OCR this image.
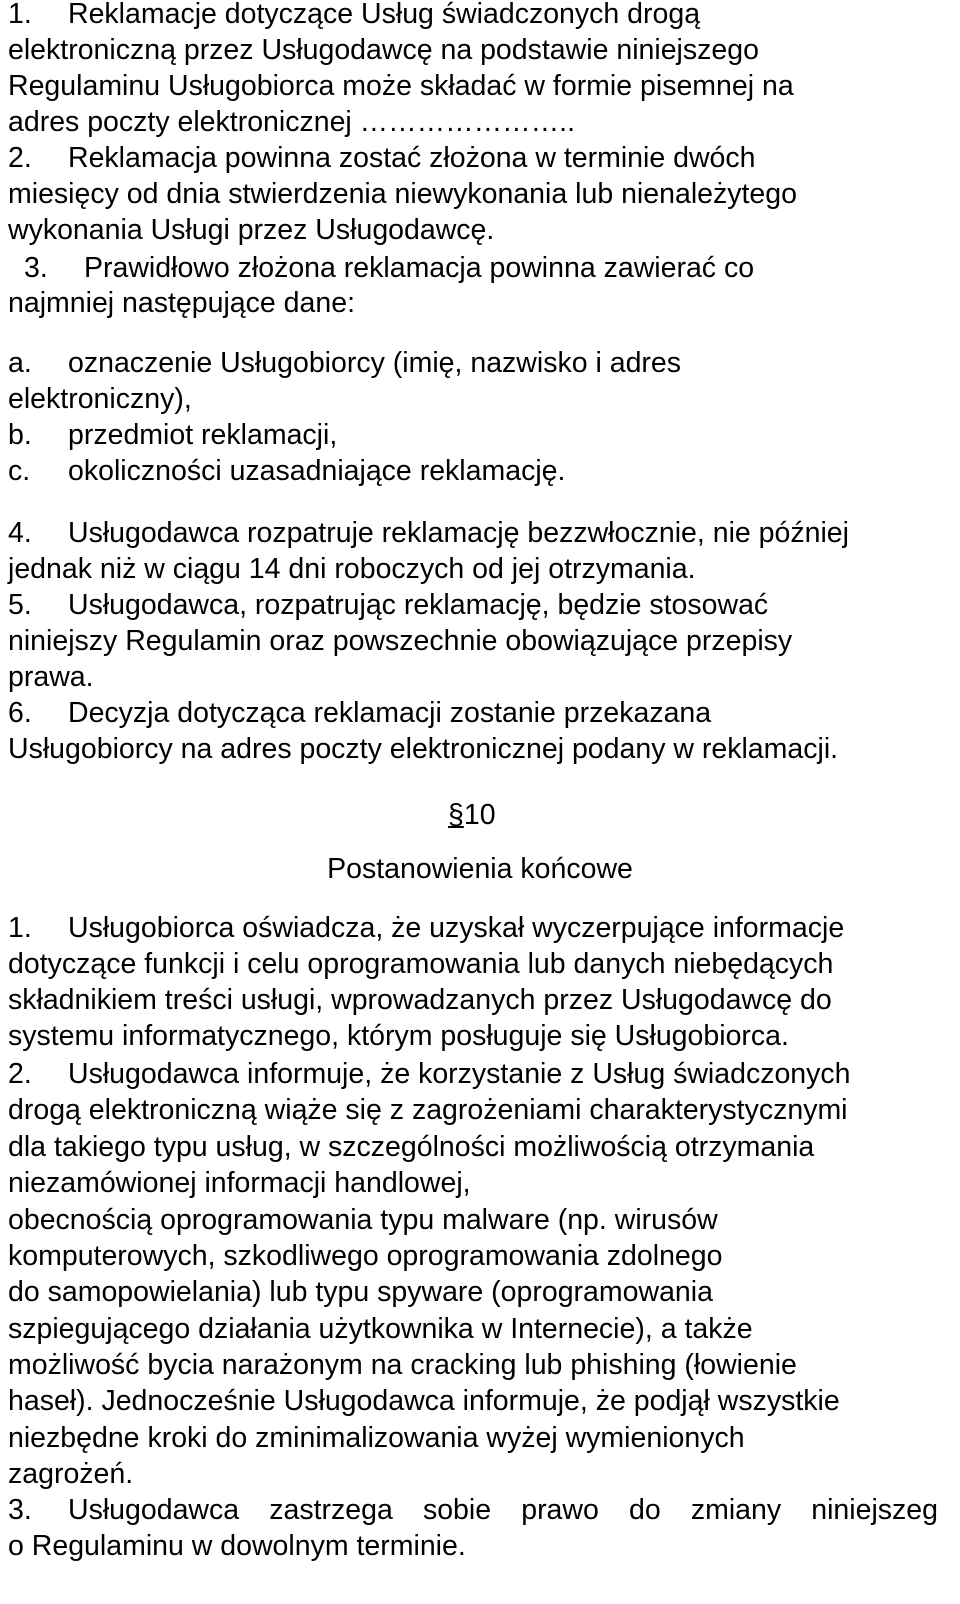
1. Reklamacje dotyczące Usług świadczonych drogą
elektroniczną przez Usługodawcę na podstawie niniejszego
Regulaminu Usługobiorca może składać w formie pisemnej na
adres poczty elektronicznej …………………..
2. Reklamacja powinna zostać złożona w terminie dwóch
miesięcy od dnia stwierdzenia niewykonania lub nienależytego
wykonania Usługi przez Usługodawcę.
3. Prawidłowo złożona reklamacja powinna zawierać co
najmniej następujące dane:
a. oznaczenie Usługobiorcy (imię, nazwisko i adres
elektroniczny),
b. przedmiot reklamacji,
c. okoliczności uzasadniające reklamację.
4. Usługodawca rozpatruje reklamację bezzwłocznie, nie później
jednak niż w ciągu 14 dni roboczych od jej otrzymania.
5. Usługodawca, rozpatrując reklamację, będzie stosować
niniejszy Regulamin oraz powszechnie obowiązujące przepisy
prawa.
6. Decyzja dotycząca reklamacji zostanie przekazana
Usługobiorcy na adres poczty elektronicznej podany w reklamacji.
§10
Postanowienia końcowe
1. Usługobiorca oświadcza, że uzyskał wyczerpujące informacje
dotyczące funkcji i celu oprogramowania lub danych niebędących
składnikiem treści usługi, wprowadzanych przez Usługodawcę do
systemu informatycznego, którym posługuje się Usługobiorca.
2. Usługodawca informuje, że korzystanie z Usług świadczonych
drogą elektroniczną wiąże się z zagrożeniami charakterystycznymi
dla takiego typu usług, w szczególności możliwością otrzymania
niezamówionej informacji handlowej,
obecnością oprogramowania typu malware (np. wirusów
komputerowych, szkodliwego oprogramowania zdolnego
do samopowielania) lub typu spyware (oprogramowania
szpiegującego działania użytkownika w Internecie), a także
możliwość bycia narażonym na cracking lub phishing (łowienie
haseł). Jednocześnie Usługodawca informuje, że podjął wszystkie
niezbędne kroki do zminimalizowania wyżej wymienionych
zagrożeń.
3. Usługodawca zastrzega sobie prawo do zmiany niniejszeg
o Regulaminu w dowolnym terminie.
